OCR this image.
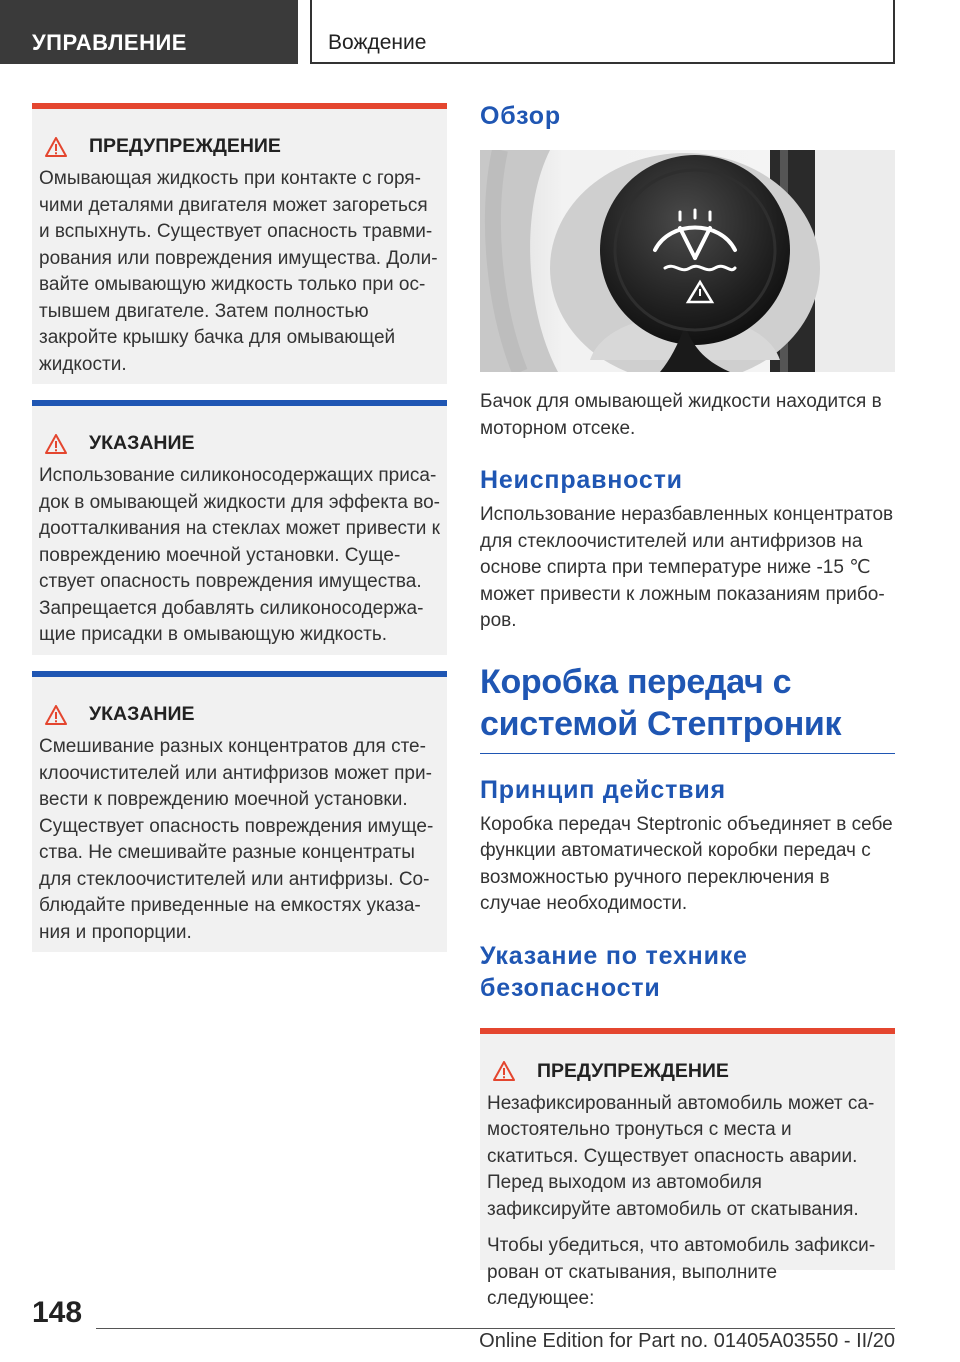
УПРАВЛЕНИЕ	Вождение
ПРЕДУПРЕЖДЕНИЕ
Омывающая жидкость при контакте с горячими деталями двигателя может загореться и вспыхнуть. Существует опасность травмирования или повреждения имущества. Доливайте омывающую жидкость только при остывшем двигателе. Затем полностью закройте крышку бачка для омывающей жидкости.
УКАЗАНИЕ
Использование силиконосодержащих присадок в омывающей жидкости для эффекта водоотталкивания на стеклах может привести к повреждению моечной установки. Существует опасность повреждения имущества. Запрещается добавлять силиконосодержащие присадки в омывающую жидкость.
УКАЗАНИЕ
Смешивание разных концентратов для стеклоочистителей или антифризов может привести к повреждению моечной установки. Существует опасность повреждения имущества. Не смешивайте разные концентраты для стеклоочистителей или антифризы. Соблюдайте приведенные на емкостях указания и пропорции.
Обзор
Бачок для омывающей жидкости находится в моторном отсеке.
Неисправности
Использование неразбавленных концентратов для стеклоочистителей или антифризов на основе спирта при температуре ниже -15 ℃ может привести к ложным показаниям приборов.
Коробка передач с системой Стептроник
Принцип действия
Коробка передач Steptronic объединяет в себе функции автоматической коробки передач с возможностью ручного переключения в случае необходимости.
Указание по технике безопасности
ПРЕДУПРЕЖДЕНИЕ

Незафиксированный автомобиль может самостоятельно тронуться с места и скатиться. Существует опасность аварии. Перед выходом из автомобиля зафиксируйте автомобиль от скатывания.

Чтобы убедиться, что автомобиль зафиксирован от скатывания, выполните следующее:

148
Online Edition for Part no. 01405A03550 - II/20
